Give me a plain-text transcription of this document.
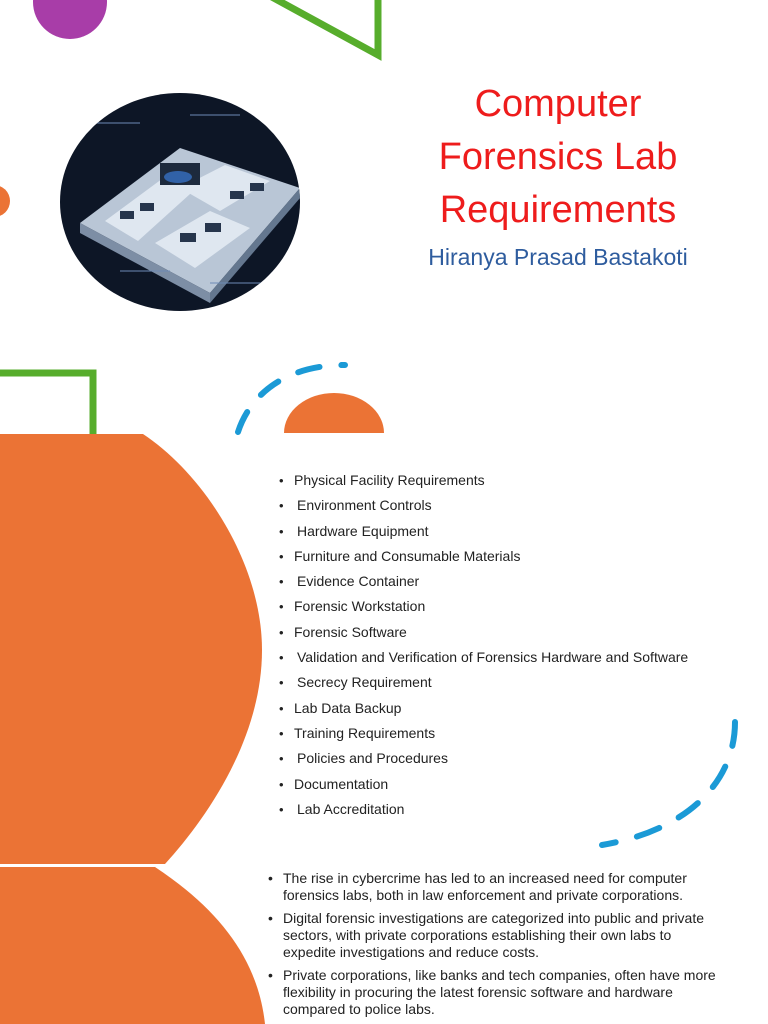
Computer
Forensics Lab
Requirements
Hiranya Prasad Bastakoti
• Physical Facility Requirements
• Environment Controls
• Hardware Equipment
• Furniture and Consumable Materials
• Evidence Container
• Forensic Workstation
• Forensic Software
• Validation and Verification of Forensics Hardware and Software
• Secrecy Requirement
• Lab Data Backup
• Training Requirements
• Policies and Procedures
• Documentation
• Lab Accreditation
• The rise in cybercrime has led to an increased need for computer forensics labs, both in law enforcement and private corporations.
• Digital forensic investigations are categorized into public and private sectors, with private corporations establishing their own labs to expedite investigations and reduce costs.
• Private corporations, like banks and tech companies, often have more flexibility in procuring the latest forensic software and hardware compared to police labs.
